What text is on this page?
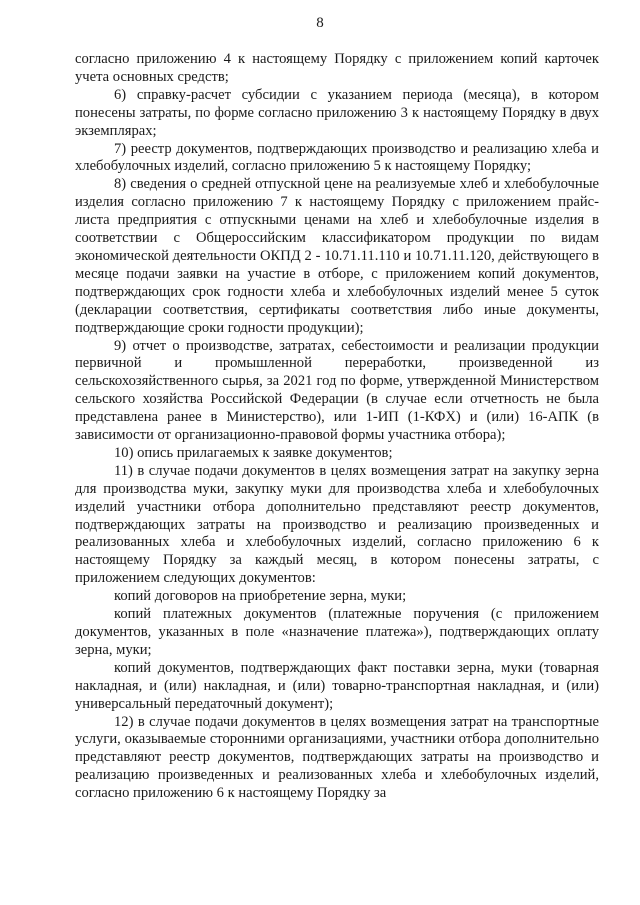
8

согласно приложению 4 к настоящему Порядку с приложением копий карточек учета основных средств;

6) справку-расчет субсидии с указанием периода (месяца), в котором понесены затраты, по форме согласно приложению 3 к настоящему Порядку в двух экземплярах;

7) реестр документов, подтверждающих производство и реализацию хлеба и хлебобулочных изделий, согласно приложению 5 к настоящему Порядку;

8) сведения о средней отпускной цене на реализуемые хлеб и хлебобулочные изделия согласно приложению 7 к настоящему Порядку с приложением прайс-листа предприятия с отпускными ценами на хлеб и хлебобулочные изделия в соответствии с Общероссийским классификатором продукции по видам экономической деятельности ОКПД 2 - 10.71.11.110 и 10.71.11.120, действующего в месяце подачи заявки на участие в отборе, с приложением копий документов, подтверждающих срок годности хлеба и хлебобулочных изделий менее 5 суток (декларации соответствия, сертификаты соответствия либо иные документы, подтверждающие сроки годности продукции);

9) отчет о производстве, затратах, себестоимости и реализации продукции первичной и промышленной переработки, произведенной из сельскохозяйственного сырья, за 2021 год по форме, утвержденной Министерством сельского хозяйства Российской Федерации (в случае если отчетность не была представлена ранее в Министерство), или 1-ИП (1-КФХ) и (или) 16-АПК (в зависимости от организационно-правовой формы участника отбора);

10) опись прилагаемых к заявке документов;

11) в случае подачи документов в целях возмещения затрат на закупку зерна для производства муки, закупку муки для производства хлеба и хлебобулочных изделий участники отбора дополнительно представляют реестр документов, подтверждающих затраты на производство и реализацию произведенных и реализованных хлеба и хлебобулочных изделий, согласно приложению 6 к настоящему Порядку за каждый месяц, в котором понесены затраты, с приложением следующих документов:

копий договоров на приобретение зерна, муки;

копий платежных документов (платежные поручения (с приложением документов, указанных в поле «назначение платежа»), подтверждающих оплату зерна, муки;

копий документов, подтверждающих факт поставки зерна, муки (товарная накладная, и (или) накладная, и (или) товарно-транспортная накладная, и (или) универсальный передаточный документ);

12) в случае подачи документов в целях возмещения затрат на транспортные услуги, оказываемые сторонними организациями, участники отбора дополнительно представляют реестр документов, подтверждающих затраты на производство и реализацию произведенных и реализованных хлеба и хлебобулочных изделий, согласно приложению 6 к настоящему Порядку за
